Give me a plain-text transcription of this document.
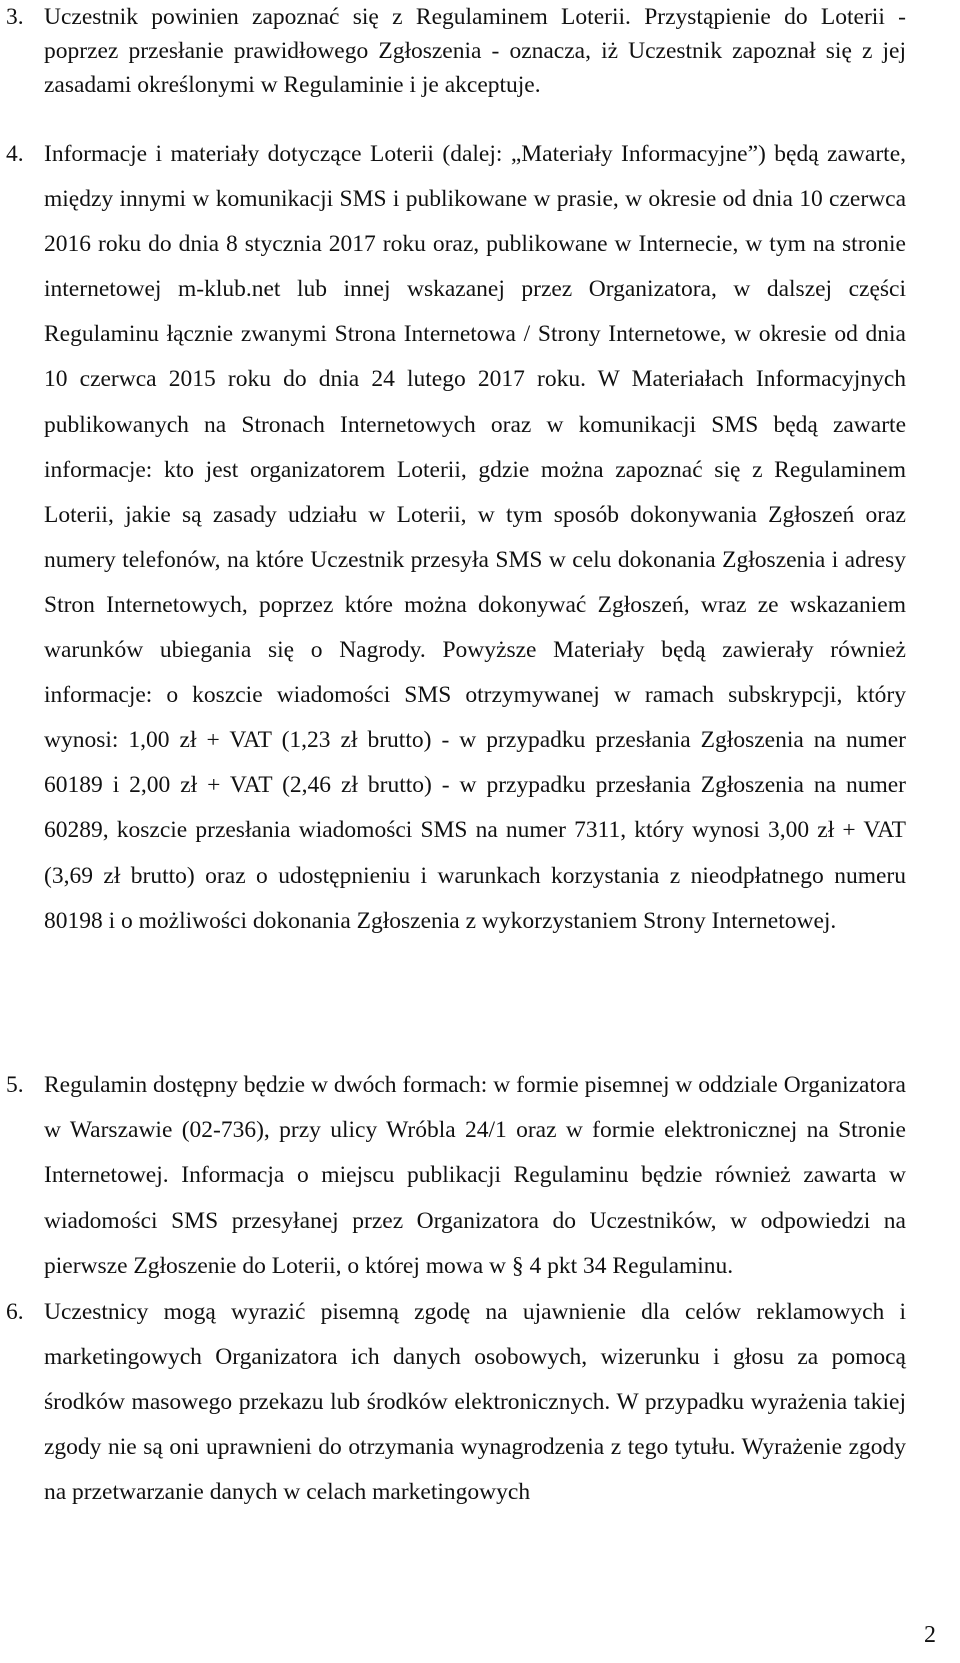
3. Uczestnik powinien zapoznać się z Regulaminem Loterii. Przystąpienie do Loterii - poprzez przesłanie prawidłowego Zgłoszenia - oznacza, iż Uczestnik zapoznał się z jej zasadami określonymi w Regulaminie i je akceptuje.
4. Informacje i materiały dotyczące Loterii (dalej: „Materiały Informacyjne”) będą zawarte, między innymi w komunikacji SMS i publikowane w prasie, w okresie od dnia 10 czerwca 2016 roku do dnia 8 stycznia 2017 roku oraz, publikowane w Internecie, w tym na stronie internetowej m-klub.net lub innej wskazanej przez Organizatora, w dalszej części Regulaminu łącznie zwanymi Strona Internetowa / Strony Internetowe, w okresie od dnia 10 czerwca 2015 roku do dnia 24 lutego 2017 roku. W Materiałach Informacyjnych publikowanych na Stronach Internetowych oraz w komunikacji SMS będą zawarte informacje: kto jest organizatorem Loterii, gdzie można zapoznać się z Regulaminem Loterii, jakie są zasady udziału w Loterii, w tym sposób dokonywania Zgłoszeń oraz numery telefonów, na które Uczestnik przesyła SMS w celu dokonania Zgłoszenia i adresy Stron Internetowych, poprzez które można dokonywać Zgłoszeń, wraz ze wskazaniem warunków ubiegania się o Nagrody. Powyższe Materiały będą zawierały również informacje: o koszcie wiadomości SMS otrzymywanej w ramach subskrypcji, który wynosi: 1,00 zł + VAT (1,23 zł brutto) - w przypadku przesłania Zgłoszenia na numer 60189 i 2,00 zł + VAT (2,46 zł brutto) - w przypadku przesłania Zgłoszenia na numer 60289, koszcie przesłania wiadomości SMS na numer 7311, który wynosi 3,00 zł + VAT (3,69 zł brutto) oraz o udostępnieniu i warunkach korzystania z nieodpłatnego numeru 80198 i o możliwości dokonania Zgłoszenia z wykorzystaniem Strony Internetowej.
5. Regulamin dostępny będzie w dwóch formach: w formie pisemnej w oddziale Organizatora w Warszawie (02-736), przy ulicy Wróbla 24/1 oraz w formie elektronicznej na Stronie Internetowej. Informacja o miejscu publikacji Regulaminu będzie również zawarta w wiadomości SMS przesyłanej przez Organizatora do Uczestników, w odpowiedzi na pierwsze Zgłoszenie do Loterii, o której mowa w § 4 pkt 34 Regulaminu.
6. Uczestnicy mogą wyrazić pisemną zgodę na ujawnienie dla celów reklamowych i marketingowych Organizatora ich danych osobowych, wizerunku i głosu za pomocą środków masowego przekazu lub środków elektronicznych. W przypadku wyrażenia takiej zgody nie są oni uprawnieni do otrzymania wynagrodzenia z tego tytułu. Wyrażenie zgody na przetwarzanie danych w celach marketingowych
2
